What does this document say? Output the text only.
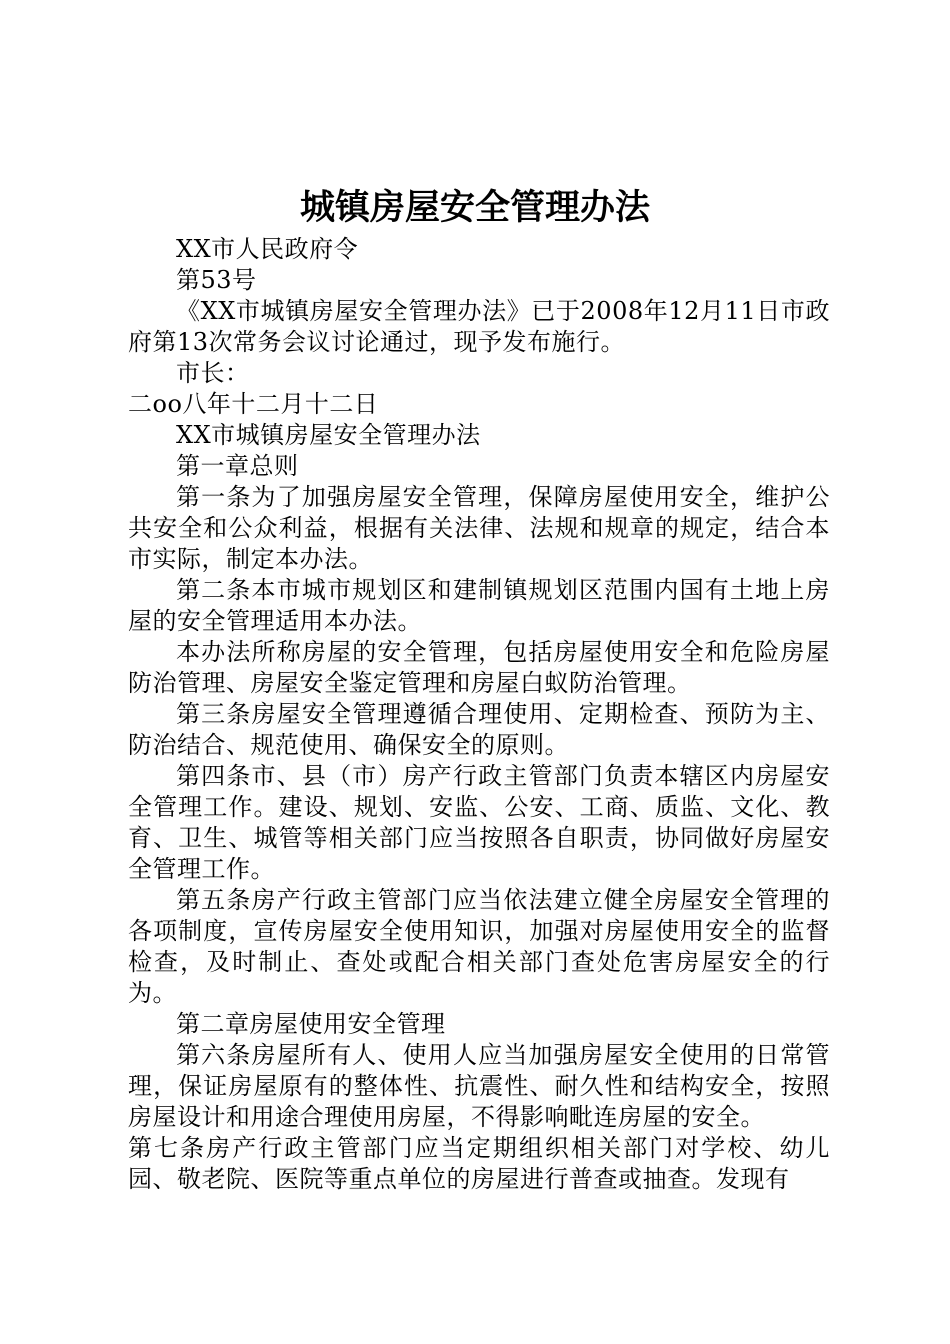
城镇房屋安全管理办法

XX市人民政府令

第53号

《XX市城镇房屋安全管理办法》已于2008年12月11日市政府第13次常务会议讨论通过，现予发布施行。

市长：

二oo八年十二月十二日

XX市城镇房屋安全管理办法

第一章总则

第一条为了加强房屋安全管理，保障房屋使用安全，维护公共安全和公众利益，根据有关法律、法规和规章的规定，结合本市实际，制定本办法。

第二条本市城市规划区和建制镇规划区范围内国有土地上房屋的安全管理适用本办法。

本办法所称房屋的安全管理，包括房屋使用安全和危险房屋防治管理、房屋安全鉴定管理和房屋白蚁防治管理。

第三条房屋安全管理遵循合理使用、定期检查、预防为主、防治结合、规范使用、确保安全的原则。

第四条市、县（市）房产行政主管部门负责本辖区内房屋安全管理工作。建设、规划、安监、公安、工商、质监、文化、教育、卫生、城管等相关部门应当按照各自职责，协同做好房屋安全管理工作。

第五条房产行政主管部门应当依法建立健全房屋安全管理的各项制度，宣传房屋安全使用知识，加强对房屋使用安全的监督检查，及时制止、查处或配合相关部门查处危害房屋安全的行为。

第二章房屋使用安全管理

第六条房屋所有人、使用人应当加强房屋安全使用的日常管理，保证房屋原有的整体性、抗震性、耐久性和结构安全，按照房屋设计和用途合理使用房屋，不得影响毗连房屋的安全。

第七条房产行政主管部门应当定期组织相关部门对学校、幼儿园、敬老院、医院等重点单位的房屋进行普查或抽查。发现有
